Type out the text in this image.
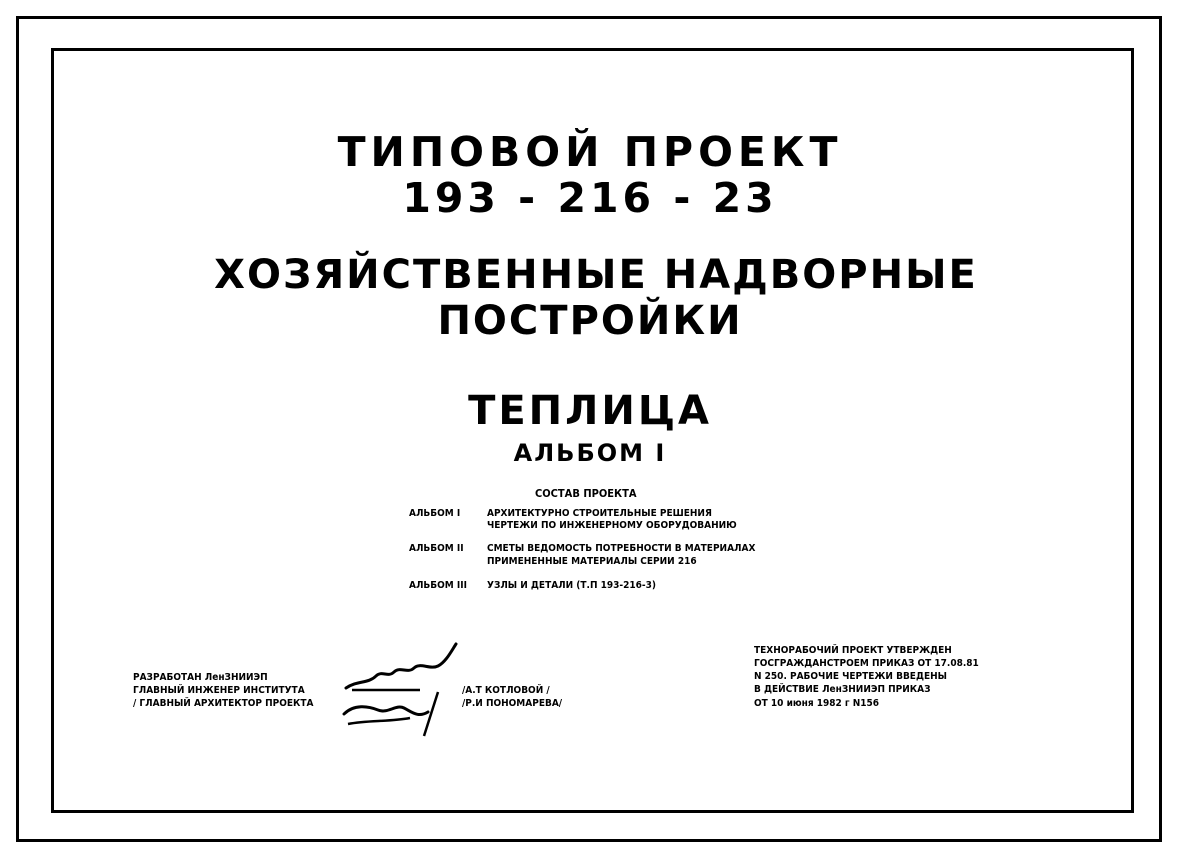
ТИПОВОЙ ПРОЕКТ
193 - 216 - 23
ХОЗЯЙСТВЕННЫЕ НАДВОРНЫЕ
ПОСТРОЙКИ
ТЕПЛИЦА
АЛЬБОМ I
СОСТАВ ПРОЕКТА
АЛЬБОМ I	АРХИТЕКТУРНО СТРОИТЕЛЬНЫЕ РЕШЕНИЯ
ЧЕРТЕЖИ ПО ИНЖЕНЕРНОМУ ОБОРУДОВАНИЮ
АЛЬБОМ II СМЕТЫ ВЕДОМОСТЬ ПОТРЕБНОСТИ В МАТЕРИАЛАХ
ПРИМЕНЕННЫЕ МАТЕРИАЛЫ СЕРИИ 216
АЛЬБОМ III УЗЛЫ И ДЕТАЛИ (Т.П 193-216-3)
РАЗРАБОТАН ЛенЗНИИЭП
ГЛАВНЫЙ ИНЖЕНЕР ИНСТИТУТА
/ ГЛАВНЫЙ АРХИТЕКТОР ПРОЕКТА
/А.Т КОТЛОВОЙ /
/Р.И ПОНОМАРЕВА/
ТЕХНОРАБОЧИЙ ПРОЕКТ УТВЕРЖДЕН
ГОСГРАЖДАНСТРОЕМ ПРИКАЗ ОТ 17.08.81
N 250. РАБОЧИЕ ЧЕРТЕЖИ ВВЕДЕНЫ
В ДЕЙСТВИЕ ЛенЗНИИЭП ПРИКАЗ
ОТ 10 июня 1982 г N156
